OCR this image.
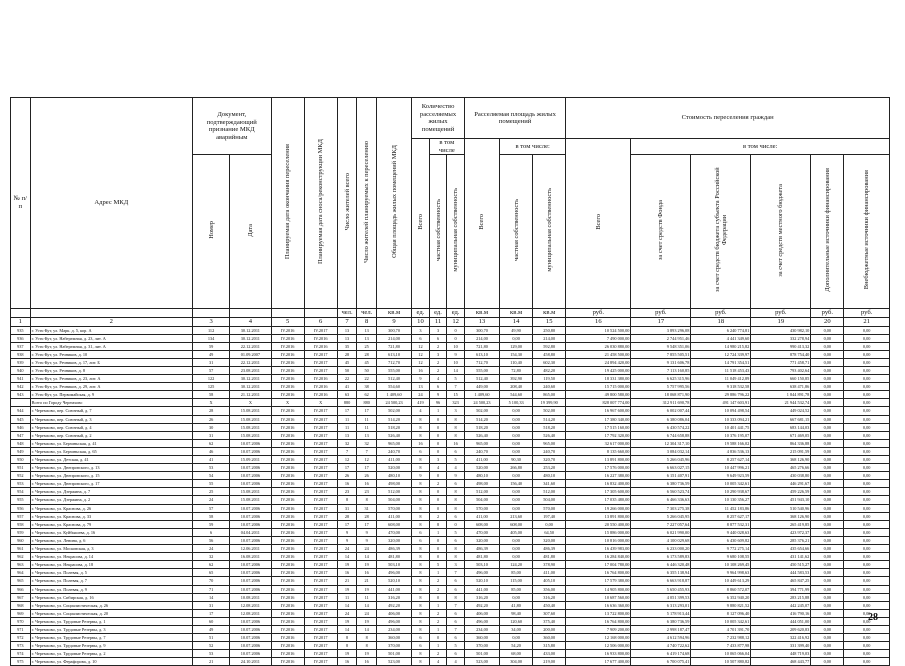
№ п/п	Адрес МКД	Документ, подтверждающий признание МКД аварийным		Планируемая дата окончания переселения	Планируемая дата сноса/реконструкции МКД	Число жителей всего	Число жителей планируемых к переселению	Общая площадь жилых помещений МКД	Количество расселяемых жилых помещений			Расселяемая площадь жилых помещений			Стоимость переселения граждан					
									Всего	в том числе		Всего	в том числе:		Всего	в том числе:				
		Номер	Дата							частная собственность	муниципальная собственность		частная собственность	муниципальная собственность		за счет средств Фонда	за счет средств бюджета субъекта Российской Федерации	за счет средств местного бюджета	Дополнительные источники финансирования	Внебюджетные источники финансирования
						чел.	чел.	кв.м	ед.	ед.	ед.	кв.м	кв.м	кв.м	руб.	руб.	руб.	руб.	руб.	руб.
1	2	3	4	5	6	7	8	9	10	11	12	13	14	15	16	17	18	19	20	21
935	г. Усть-Кут, ул. Марк. д. 5, кор. А	112	30.12.2011	IV.2016	IV.2017	13	13	300,70	3	3	0	300,70	49,90	250,80	10 524 500,00	3 893 296,08	6 240 774,81	430 982,10	0,00	0,00
936	г. Усть-Кут, ул. Набережная, д. 23, лит. А	134	30.12.2011	IV.2016	IV.2016	13	13	214,00	6	6	0	214,00	0,00	214,00	7 490 000,00	2 744 951,46	4 441 349,60	332 278,94	0,00	0,00
937	г. Усть-Кут, ул. Набережная, д. 31, лит. А	59	22.12.2011	IV.2016	IV.2016	35	25	721,80	12	2	10	721,80	129,00	592,80	26 030 880,00	9 548 351,06	14 980 215,82	990 413,32	0,00	0,00
938	г. Усть-Кут, ул. Речников, д. 10	49	01.09.2007	IV.2016	IV.2017	28	28	613,10	12	3	9	613,10	154,30	458,80	21 458 500,00	7 855 505,51	12 724 339,97	878 754,40	0,00	0,00
939	г. Усть-Кут, ул. Речников, д. 17, лит. Б	31	22.12.2011	IV.2016	IV.2017	45	45	712,70	12	2	10	712,70	110,40	602,30	24 894 420,00	9 131 606,78	14 791 354,51	771 458,71	0,00	0,00
940	г. Усть-Кут, ул. Речников, д. 8	57	23.08.2011	IV.2016	IV.2017	50	50	555,00	16	2	14	555,00	72,80	482,20	19 425 000,00	7 113 160,85	11 518 453,43	793 402,64	0,00	0,00
941	г. Усть-Кут, ул. Речников, д. 23, лит. А	122	30.12.2011	IV.2016	IV.2016	22	22	512,40	9	4	5	512,40	392,90	119,50	18 331 380,00	6 625 315,96	11 049 412,89	660 150,85	0,00	0,00
942	г. Усть-Кут, ул. Речников, д. 29, лит. А	125	30.12.2011	IV.2016	IV.2016	41	38	554,60	13	6	7	449,00	208,40	240,60	15 715 000,00	5 757 995,56	9 318 532,58	638 471,86	0,00	0,00
943	г. Усть-Кут, ул. Первомайская, д. 9	58	21.12.2011	IV.2016	IV.2016	63	62	1 409,60	24	9	15	1 409,60	544,60	865,00	49 800 580,00	18 068 871,90	29 886 796,22	1 844 891,78	0,00	0,00
	Всего по Городу Черемхово	X	X	X	X	880	880	24 500,23	419	96	323	24 500,23	5 100,33	19 399,90	828 007 774,00	312 911 690,78	491 147 603,91	21 944 532,74	0,00	0,00
944	г. Черемхово, пер. Союзный, д. 7	28	15.08.2011	IV.2016	IV.2017	17	17	502,00	4	1	3	502,00	0,00	502,00	16 967 600,00	6 002 007,44	10 094 498,54	449 024,52	0,00	0,00
945	г. Черемхово, пер. Союзный, д. 3	26	15.08.2011	IV.2016	IV.2017	11	11	514,20	8	0	8	514,20	0,00	514,20	17 380 340,00	6 380 086,04	10 333 094,21	667 681,15	0,00	0,00
946	г. Черемхово, пер. Союзный, д. 4	30	15.08.2011	IV.2016	IV.2017	11	11	518,20	8	0	8	518,20	0,00	518,20	17 515 160,00	6 430 574,22	10 401 441,75	683 144,03	0,00	0,00
947	г. Черемхово, пер. Союзный, д. 2	31	15.08.2011	IV.2016	IV.2017	13	13	526,40	8	0	8	526,40	0,00	526,40	17 792 320,00	6 744 658,88	10 376 195,07	671 469,05	0,00	0,00
948	г. Черемхово, ул. Берзиньская, д. 41	62	10.07.2006	IV.2016	IV.2017	32	32	965,00	16	0	16	965,00	0,00	965,00	32 617 000,00	12 304 317,10	19 588 166,02	864 336,88	0,00	0,00
949	г. Черемхово, ул. Берзиньская, д. 65	46	10.07.2006	IV.2016	IV.2017	7	7	240,70	6	0	6	240,70	0,00	240,70	8 135 660,00	3 084 032,14	4 836 536,13	215 091,59	0,00	0,00
950	г. Черемхово, ул. Детская, д. 41	41	15.09.2011	IV.2016	IV.2017	12	12	411,00	8	3	5	411,00	90,30	320,70	13 891 800,00	5 266 045,96	8 257 627,14	368 126,90	0,00	0,00
951	г. Черемхово, ул. Днепровского, д. 13	53	10.07.2006	IV.2016	IV.2017	17	17	520,00	8	4	4	520,00	266,80	253,20	17 576 000,00	6 663 027,15	10 447 996,21	465 276,66	0,00	0,00
952	г. Черемхово, ул. Днепровского, д. 15	54	10.07.2006	IV.2016	IV.2017	26	26	480,10	9	0	9	480,10	0,00	480,10	16 227 380,00	6 151 407,91	9 649 923,59	430 038,80	0,00	0,00
953	г. Черемхово, ул. Днепровского, д. 17	55	10.07.2006	IV.2016	IV.2017	16	16	498,00	8	2	6	498,00	156,40	341,60	16 832 400,00	6 380 736,59	10 005 342,61	446 291,67	0,00	0,00
954	г. Черемхово, ул. Дзержина, д. 7	25	15.08.2011	IV.2016	IV.2017	23	23	512,00	8	0	8	512,00	0,00	512,00	17 305 600,00	6 560 523,74	10 290 938,67	459 226,59	0,00	0,00
955	г. Черемхово, ул. Дзержина, д. 2	24	15.08.2011	IV.2016	IV.2017	8	8	504,00	8	0	8	504,00	0,00	504,00	17 035 480,00	6 466 336,63	10 130 356,27	451 943,10	0,00	0,00
956	г. Черемхово, ул. Краснова, д. 26	57	10.07.2006	IV.2016	IV.2017	31	31	570,00	8	0	8	570,00	0,00	570,00	19 266 000,00	7 303 275,38	11 452 183,86	510 540,96	0,00	0,00
957	г. Черемхово, ул. Краснова, д. 33	58	10.07.2006	IV.2016	IV.2017	28	28	411,00	8	2	6	411,00	213,60	197,40	13 891 800,00	5 266 045,95	8 257 627,17	368 126,90	0,00	0,00
958	г. Черемхово, ул. Краснова, д. 79	59	10.07.2006	IV.2016	IV.2017	17	17	608,00	8	8	0	608,00	608,00	0,00	20 550 400,00	7 227 057,64	8 877 532,31	265 419,85	0,00	0,00
959	г. Черемхово, ул. Куйбышева, д. 16	6	04.04.2011	IV.2016	IV.2017	9	9	470,00	6	1	5	470,00	405,00	64,50	15 886 000,00	6 021 990,00	9 440 028,63	423 972,37	0,00	0,00
960	г. Черемхово, ул. Ленина, д. 6	56	10.07.2006	IV.2016	IV.2017	9	9	320,00	6	0	6	320,00	0,00	320,00	10 816 000,00	4 100 029,68	6 430 609,82	285 376,21	0,00	0,00
961	г. Черемхово, ул. Московская, д. 3	24	12.06.2011	IV.2016	IV.2017	24	24	486,39	8	0	8	486,39	0,00	486,39	16 439 983,00	6 233 000,20	9 772 275,14	435 654,66	0,00	0,00
962	г. Черемхово, ул. Некрасова, д. 14	32	16.08.2011	IV.2016	IV.2017	14	14	481,80	8	0	8	481,80	0,00	481,80	16 284 840,00	6 173 589,83	9 680 108,55	431 141,62	0,00	0,00
963	г. Черемхово, ул. Некрасова, д. 18	62	10.07.2006	IV.2016	IV.2017	19	19	503,10	8	5	3	503,10	124,20	378,90	17 004 780,00	6 446 320,48	10 108 269,45	450 515,27	0,00	0,00
964	г. Черемхово, ул. Полевая, д. 5	65	10.07.2006	IV.2016	IV.2017	16	16	496,00	8	1	7	496,00	85,00	411,00	16 764 800,00	6 355 138,94	9 964 998,63	444 583,53	0,00	0,00
965	г. Черемхово, ул. Полевая, д. 7	70	10.07.2006	IV.2016	IV.2017	21	21	520,10	8	2	6	520,10	115,00	405,10	17 579 380,00	6 663 918,87	10 449 613,29	465 847,25	0,00	0,00
966	г. Черемхово, ул. Полевая, д. 9	71	10.07.2006	IV.2016	IV.2017	19	19	441,00	8	2	6	441,00	85,00	356,00	14 905 800,00	5 650 455,93	8 860 572,07	394 771,99	0,00	0,00
967	г. Черемхово, ул. Сибирская, д. 16	14	10.08.2011	IV.2016	IV.2017	11	11	316,20	8	0	8	316,20	0,00	316,20	10 687 560,00	4 051 399,53	6 352 940,20	283 215,88	0,00	0,00
968	г. Черемхово, ул. Социалистическая, д. 26	31	12.08.2011	IV.2016	IV.2017	14	14	492,20	8	1	7	492,20	41,80	450,40	16 636 360,00	6 313 293,01	9 880 821,52	442 245,07	0,00	0,00
969	г. Черемхово, ул. Социалистическая, д. 20	17	12.08.2011	IV.2016	IV.2017	24	24	406,00	8	2	6	406,00	98,40	307,60	13 722 800,00	5 178 913,44	8 127 096,40	416 790,16	0,00	0,00
970	г. Черемхово, ул. Трудовые Резервы, д. 1	60	10.07.2006	IV.2016	IV.2017	19	19	496,00	8	2	6	496,00	120,60	375,40	16 764 800,00	6 380 736,59	10 005 342,61	444 051,00	0,00	0,00
971	г. Черемхово, ул. Трудовые Резервы, д. 3	49	10.07.2006	IV.2016	IV.2017	14	14	234,00	8	1	7	234,00	34,00	200,00	7 909 200,00	2 998 187,47	4 701 391,70	209 620,83	0,00	0,00
972	г. Черемхово, ул. Трудовые Резервы, д. 7	51	10.07.2006	IV.2016	IV.2017	8	8	360,00	6	0	6	360,00	0,00	360,00	12 168 000,00	4 612 594,96	7 232 988,12	322 416,92	0,00	0,00
973	г. Черемхово, ул. Трудовые Резервы, д. 9	52	10.07.2006	IV.2016	IV.2017	8	8	370,00	6	1	5	370,00	54,20	315,80	12 506 000,00	4 740 722,62	7 433 877,98	331 399,40	0,00	0,00
974	г. Черемхово, ул. Трудовые Резервы, д. 2	53	10.07.2006	IV.2016	IV.2017	19	19	501,00	8	2	6	501,00	68,00	433,00	16 933 800,00	6 419 174,68	10 065 066,04	448 719,03	0,00	0,00
975	г. Черемхово, ул. Ферафорова, д. 10	21	24.10.2011	IV.2016	IV.2017	16	16	523,00	8	4	4	523,00	304,00	219,00	17 677 400,00	6 700 075,41	10 507 880,82	468 443,77	0,00	0,00
28
